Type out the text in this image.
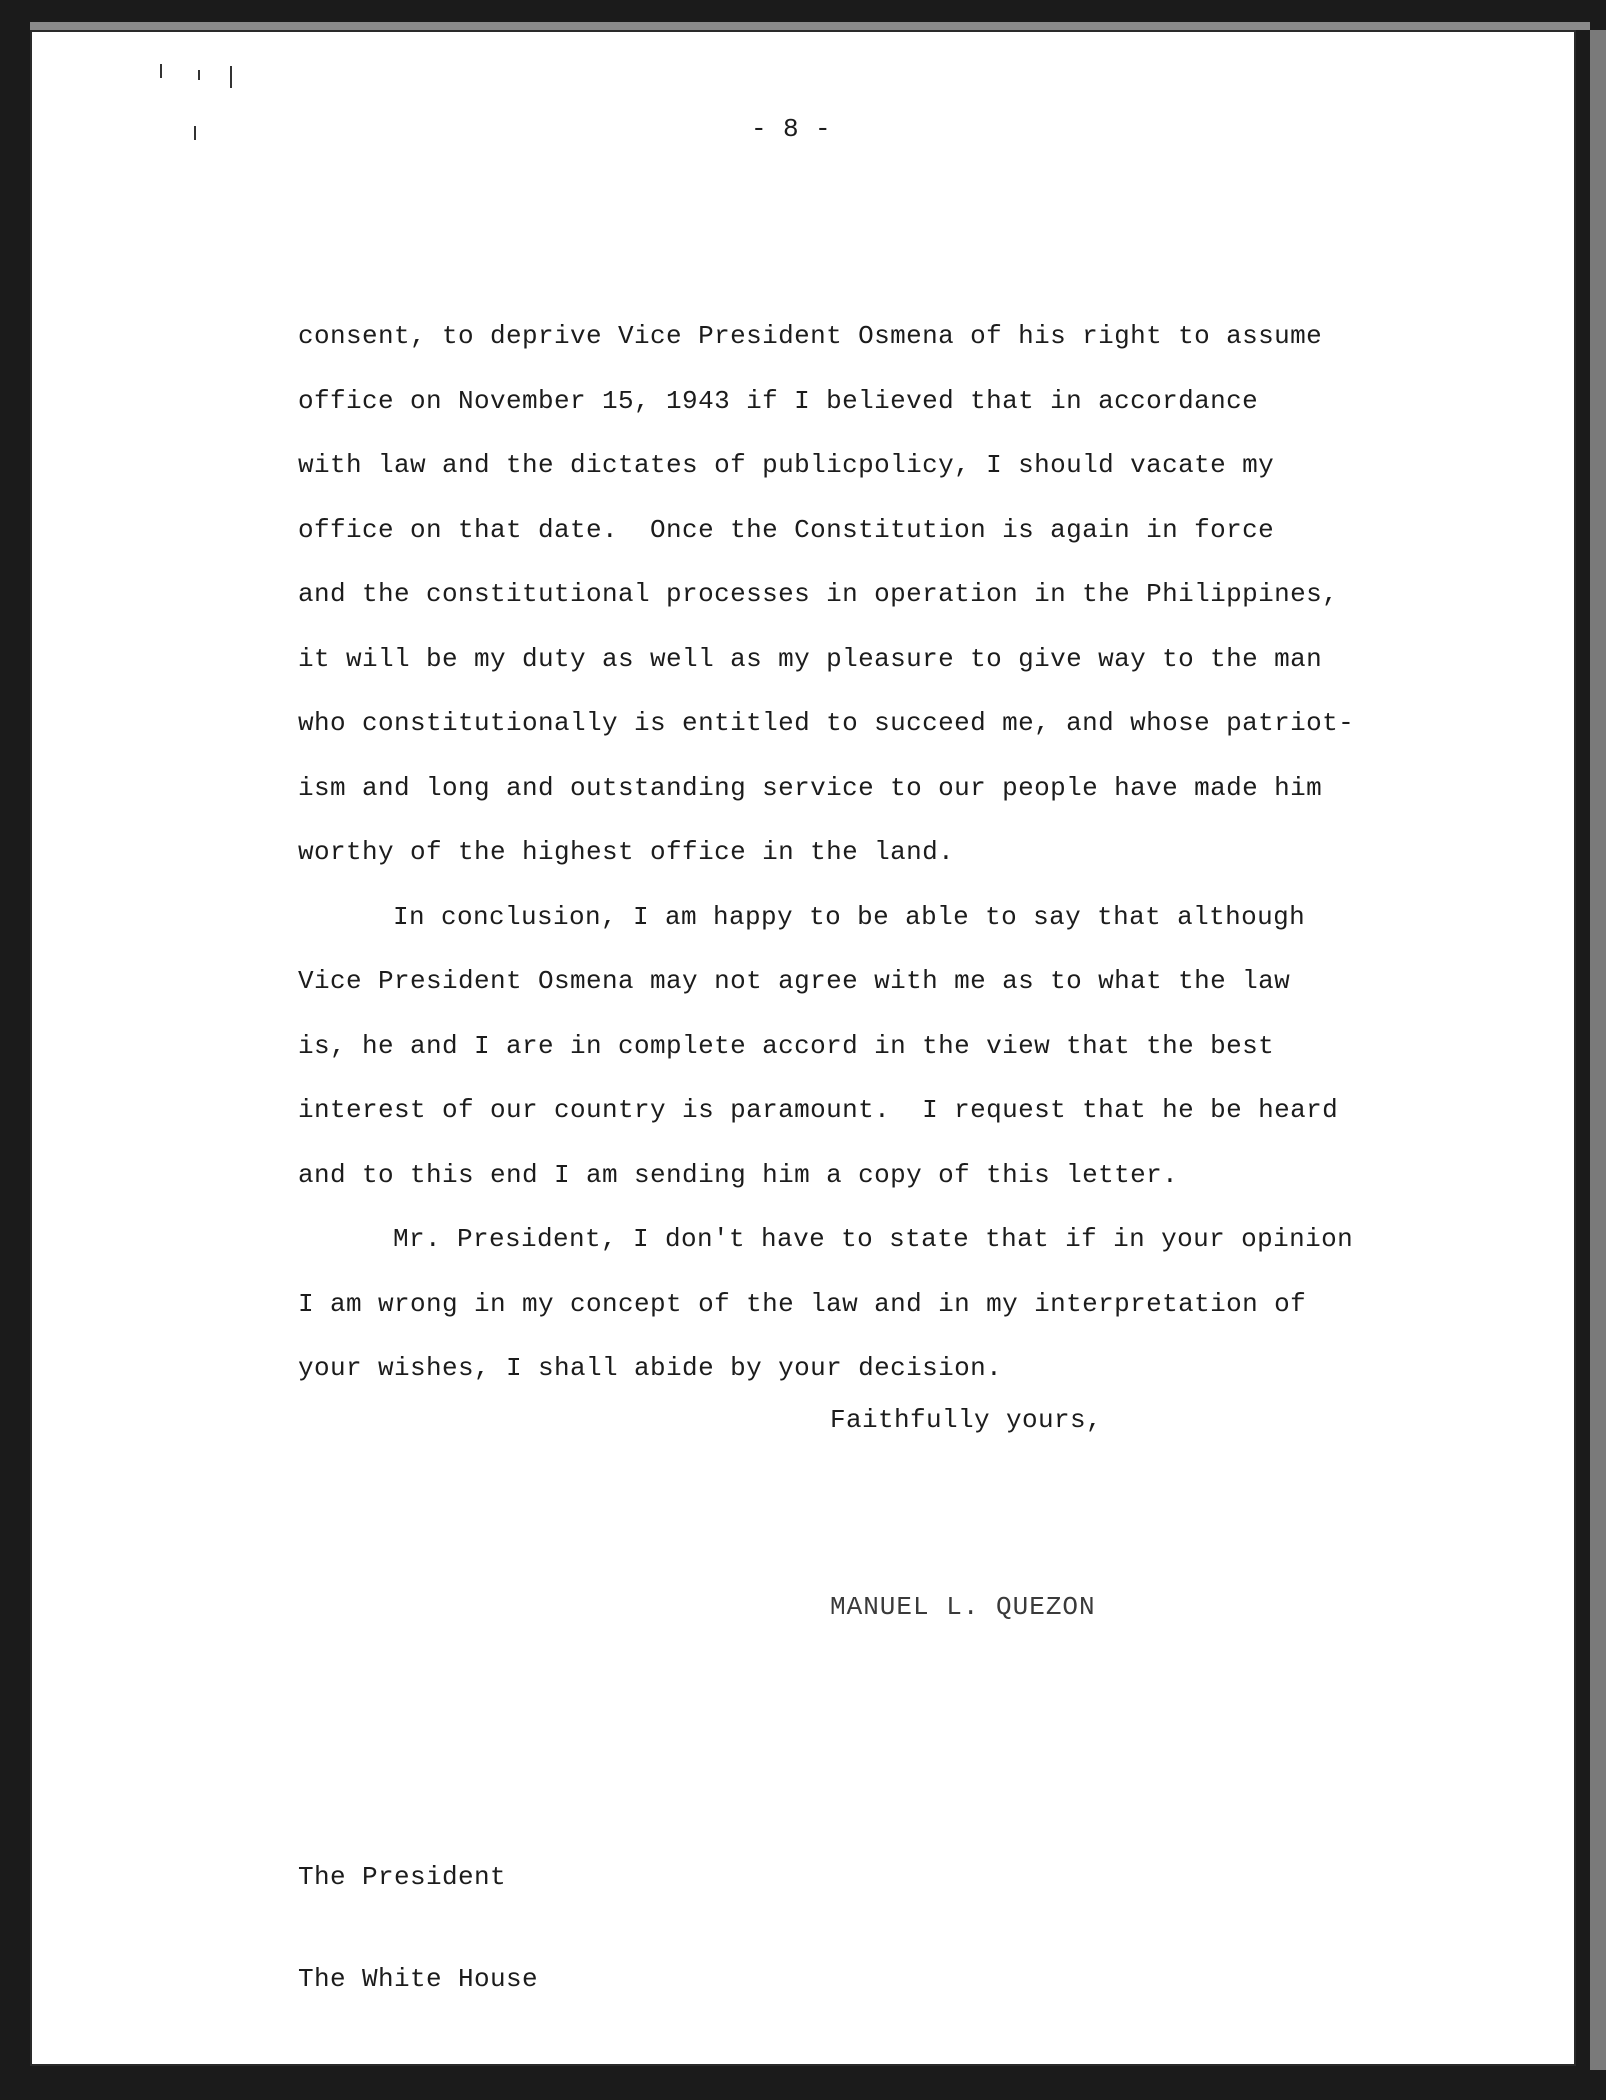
- 8 -
consent, to deprive Vice President Osmena of his right to assume
office on November 15, 1943 if I believed that in accordance
with law and the dictates of publicpolicy, I should vacate my
office on that date.  Once the Constitution is again in force
and the constitutional processes in operation in the Philippines,
it will be my duty as well as my pleasure to give way to the man
who constitutionally is entitled to succeed me, and whose patriot-
ism and long and outstanding service to our people have made him
worthy of the highest office in the land.
In conclusion, I am happy to be able to say that although
Vice President Osmena may not agree with me as to what the law
is, he and I are in complete accord in the view that the best
interest of our country is paramount.  I request that he be heard
and to this end I am sending him a copy of this letter.
Mr. President, I don't have to state that if in your opinion
I am wrong in my concept of the law and in my interpretation of
your wishes, I shall abide by your decision.
Faithfully yours,
MANUEL L. QUEZON

The President

The White House
